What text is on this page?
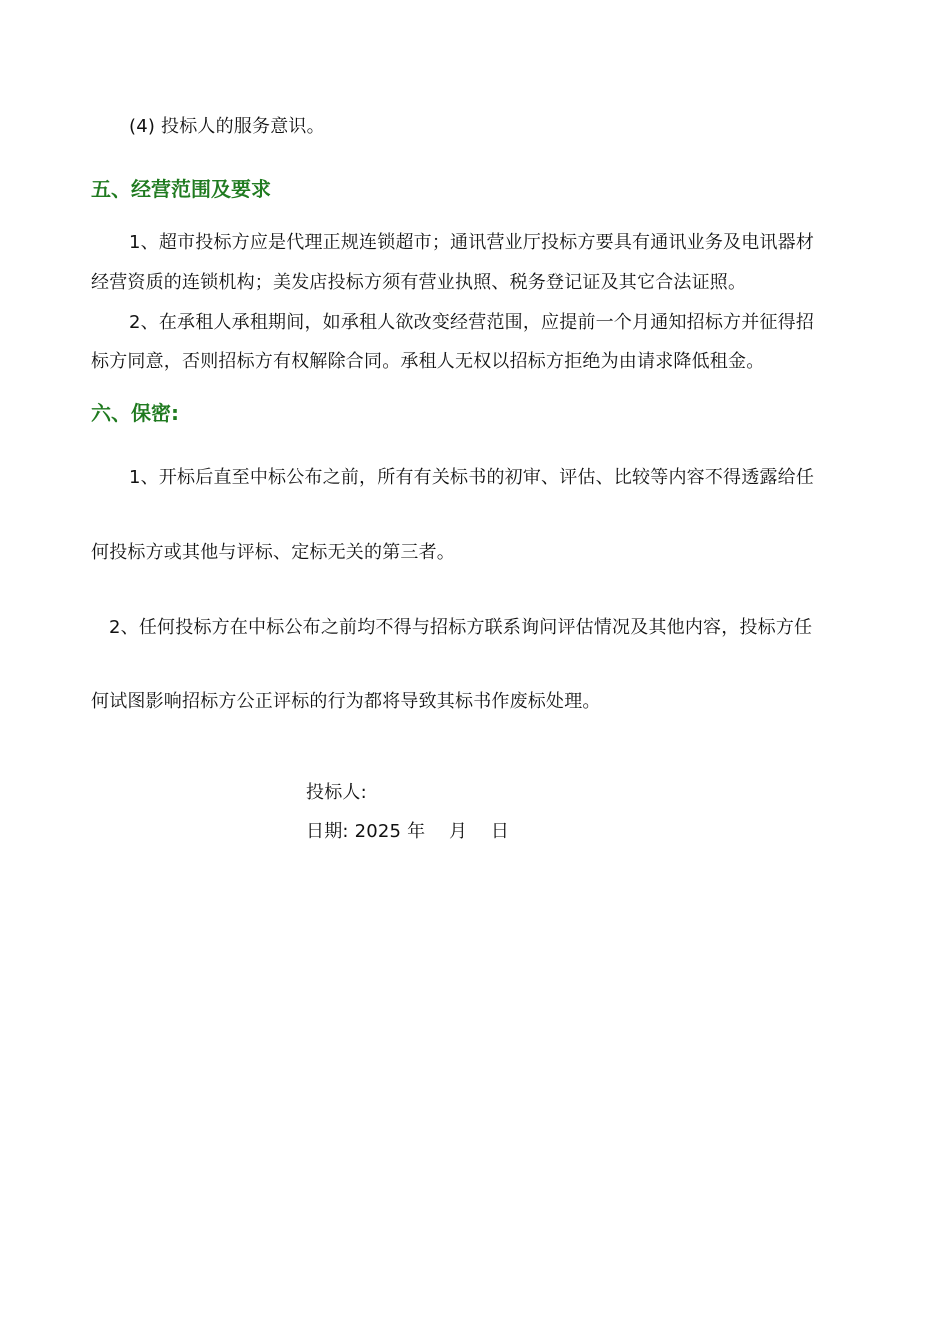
(4) 投标人的服务意识。
五、经营范围及要求
1、超市投标方应是代理正规连锁超市；通讯营业厅投标方要具有通讯业务及电讯器材
经营资质的连锁机构；美发店投标方须有营业执照、税务登记证及其它合法证照。
2、在承租人承租期间，如承租人欲改变经营范围，应提前一个月通知招标方并征得招
标方同意，否则招标方有权解除合同。承租人无权以招标方拒绝为由请求降低租金。
六、保密:
1、开标后直至中标公布之前，所有有关标书的初审、评估、比较等内容不得透露给任
何投标方或其他与评标、定标无关的第三者。
2、任何投标方在中标公布之前均不得与招标方联系询问评估情况及其他内容，投标方任
何试图影响招标方公正评标的行为都将导致其标书作废标处理。
投标人:
日期: 2025 年    月    日
